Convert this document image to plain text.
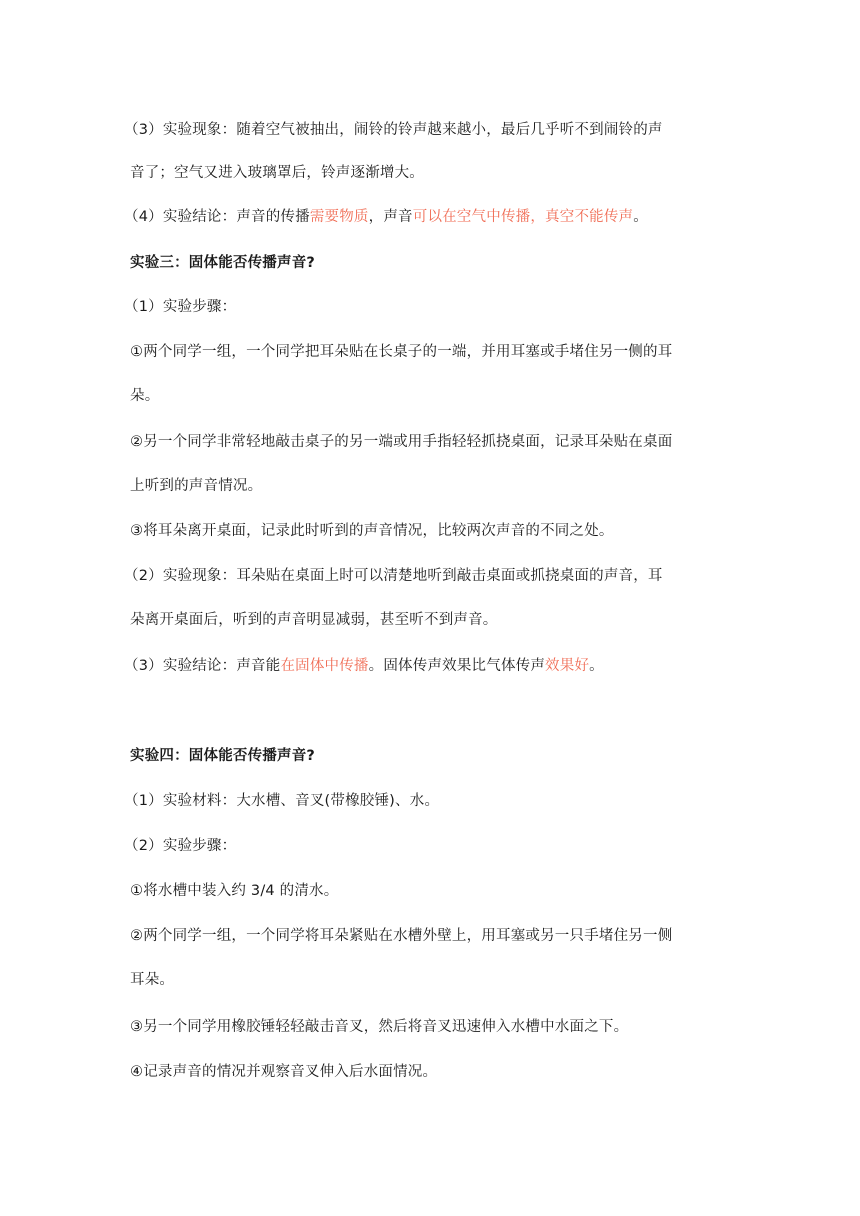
（3）实验现象：随着空气被抽出，闹铃的铃声越来越小，最后几乎听不到闹铃的声
音了；空气又进入玻璃罩后，铃声逐渐增大。
（4）实验结论：声音的传播需要物质，声音可以在空气中传播，真空不能传声。
实验三：固体能否传播声音?
（1）实验步骤：
①两个同学一组，一个同学把耳朵贴在长桌子的一端，并用耳塞或手堵住另一侧的耳
朵。
②另一个同学非常轻地敲击桌子的另一端或用手指轻轻抓挠桌面，记录耳朵贴在桌面
上听到的声音情况。
③将耳朵离开桌面，记录此时听到的声音情况，比较两次声音的不同之处。
（2）实验现象：耳朵贴在桌面上时可以清楚地听到敲击桌面或抓挠桌面的声音，耳
朵离开桌面后，听到的声音明显减弱，甚至听不到声音。
（3）实验结论：声音能在固体中传播。固体传声效果比气体传声效果好。
实验四：固体能否传播声音?
（1）实验材料：大水槽、音叉(带橡胶锤)、水。
（2）实验步骤：
①将水槽中装入约 3/4 的清水。
②两个同学一组，一个同学将耳朵紧贴在水槽外壁上，用耳塞或另一只手堵住另一侧
耳朵。
③另一个同学用橡胶锤轻轻敲击音叉，然后将音叉迅速伸入水槽中水面之下。
④记录声音的情况并观察音叉伸入后水面情况。
